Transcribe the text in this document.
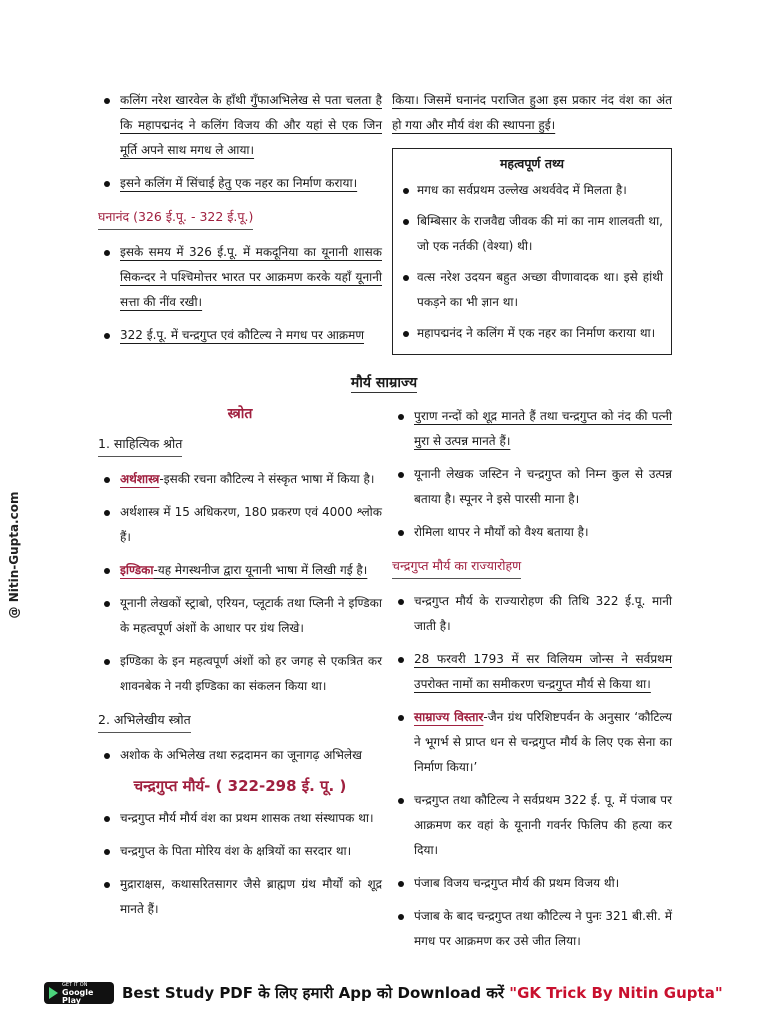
@ Nitin-Gupta.com
कलिंग नरेश खारवेल के हाँथी गुँफाअभिलेख से पता चलता है कि महापद्मनंद ने कलिंग विजय की और यहां से एक जिन मूर्ति अपने साथ मगध ले आया।
इसने कलिंग में सिंचाई हेतु एक नहर का निर्माण कराया।
घनानंद (326 ई.पू. - 322 ई.पू.)
इसके समय में 326 ई.पू. में मकदूनिया का यूनानी शासक सिकन्दर ने पश्चिमोत्तर भारत पर आक्रमण करके यहाँ यूनानी सत्ता की नींव रखी।
322 ई.पू. में चन्द्रगुप्त एवं कौटिल्य ने मगध पर आक्रमण
किया। जिसमें घनानंद पराजित हुआ इस प्रकार नंद वंश का अंत हो गया और मौर्य वंश की स्थापना हुई।
महत्वपूर्ण तथ्य
मगध का सर्वप्रथम उल्लेख अथर्ववेद में मिलता है।
बिम्बिसार के राजवैद्य जीवक की मां का नाम शालवती था, जो एक नर्तकी (वेश्या) थी।
वत्स नरेश उदयन बहुत अच्छा वीणावादक था। इसे हांथी पकड़ने का भी ज्ञान था।
महापद्मनंद ने कलिंग में एक नहर का निर्माण कराया था।
मौर्य साम्राज्य
स्त्रोत
1. साहित्यिक श्रोत
अर्थशास्त्र-इसकी रचना कौटिल्य ने संस्कृत भाषा में किया है।
अर्थशास्त्र में 15 अधिकरण, 180 प्रकरण एवं 4000 श्लोक हैं।
इण्डिका-यह मेगस्थनीज द्वारा यूनानी भाषा में लिखी गई है।
यूनानी लेखकों स्ट्राबो, एरियन, प्लूटार्क तथा प्लिनी ने इण्डिका के महत्वपूर्ण अंशों के आधार पर ग्रंथ लिखे।
इण्डिका के इन महत्वपूर्ण अंशों को हर जगह से एकत्रित कर शावनबेक ने नयी इण्डिका का संकलन किया था।
2. अभिलेखीय स्त्रोत
अशोक के अभिलेख तथा रुद्रदामन का जूनागढ़ अभिलेख
चन्द्रगुप्त मौर्य- ( 322-298 ई. पू. )
चन्द्रगुप्त मौर्य मौर्य वंश का प्रथम शासक तथा संस्थापक था।
चन्द्रगुप्त के पिता मोरिय वंश के क्षत्रियों का सरदार था।
मुद्राराक्षस, कथासरितसागर जैसे ब्राह्मण ग्रंथ मौर्यों को शूद्र मानते हैं।
पुराण नन्दों को शूद्र मानते हैं तथा चन्द्रगुप्त को नंद की पत्नी मुरा से उत्पन्न मानते हैं।
यूनानी लेखक जस्टिन ने चन्द्रगुप्त को निम्न कुल से उत्पन्न बताया है। स्पूनर ने इसे पारसी माना है।
रोमिला थापर ने मौर्यों को वैश्य बताया है।
चन्द्रगुप्त मौर्य का राज्यारोहण
चन्द्रगुप्त मौर्य के राज्यारोहण की तिथि 322 ई.पू. मानी जाती है।
28 फरवरी 1793 में सर विलियम जोन्स ने सर्वप्रथम उपरोक्त नामों का समीकरण चन्द्रगुप्त मौर्य से किया था।
साम्राज्य विस्तार-जैन ग्रंथ परिशिष्टपर्वन के अनुसार ‘कौटिल्य ने भूगर्भ से प्राप्त धन से चन्द्रगुप्त मौर्य के लिए एक सेना का निर्माण किया।’
चन्द्रगुप्त तथा कौटिल्य ने सर्वप्रथम 322 ई. पू. में पंजाब पर आक्रमण कर वहां के यूनानी गवर्नर फिलिप की हत्या कर दिया।
पंजाब विजय चन्द्रगुप्त मौर्य की प्रथम विजय थी।
पंजाब के बाद चन्द्रगुप्त तथा कौटिल्य ने पुनः 321 बी.सी. में मगध पर आक्रमण कर उसे जीत लिया।
GET IT ON
Google Play	Best Study PDF के लिए हमारी App को Download करें "GK Trick By Nitin Gupta"
